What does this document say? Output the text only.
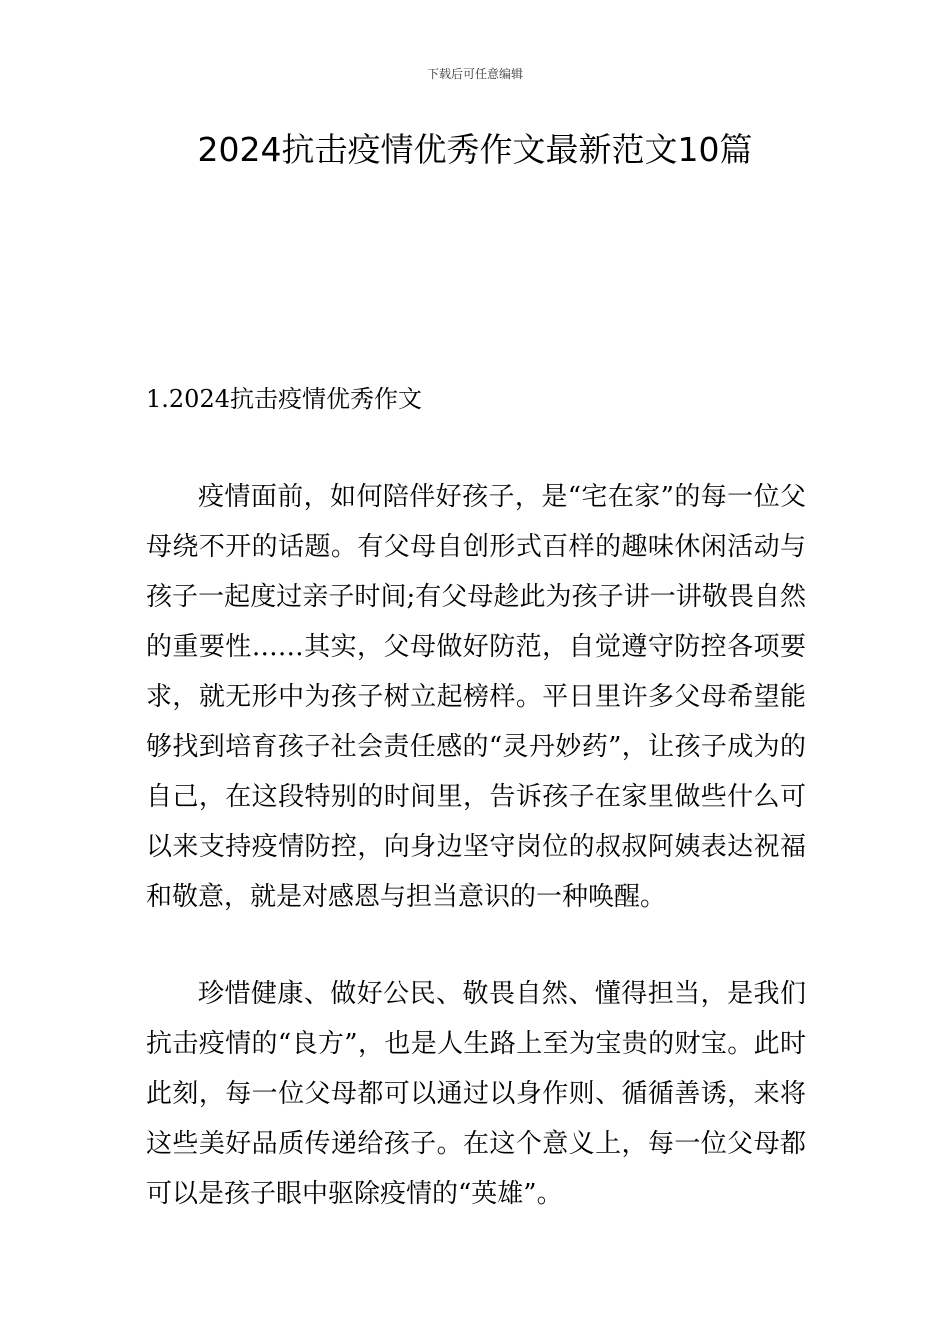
下载后可任意编辑
2024抗击疫情优秀作文最新范文10篇
1.2024抗击疫情优秀作文

疫情面前，如何陪伴好孩子，是“宅在家”的每一位父母绕不开的话题。有父母自创形式百样的趣味休闲活动与孩子一起度过亲子时间;有父母趁此为孩子讲一讲敬畏自然的重要性……其实，父母做好防范，自觉遵守防控各项要求，就无形中为孩子树立起榜样。平日里许多父母希望能够找到培育孩子社会责任感的“灵丹妙药”，让孩子成为的自己，在这段特别的时间里，告诉孩子在家里做些什么可以来支持疫情防控，向身边坚守岗位的叔叔阿姨表达祝福和敬意，就是对感恩与担当意识的一种唤醒。

珍惜健康、做好公民、敬畏自然、懂得担当，是我们抗击疫情的“良方”，也是人生路上至为宝贵的财宝。此时此刻，每一位父母都可以通过以身作则、循循善诱，来将这些美好品质传递给孩子。在这个意义上，每一位父母都可以是孩子眼中驱除疫情的“英雄”。
